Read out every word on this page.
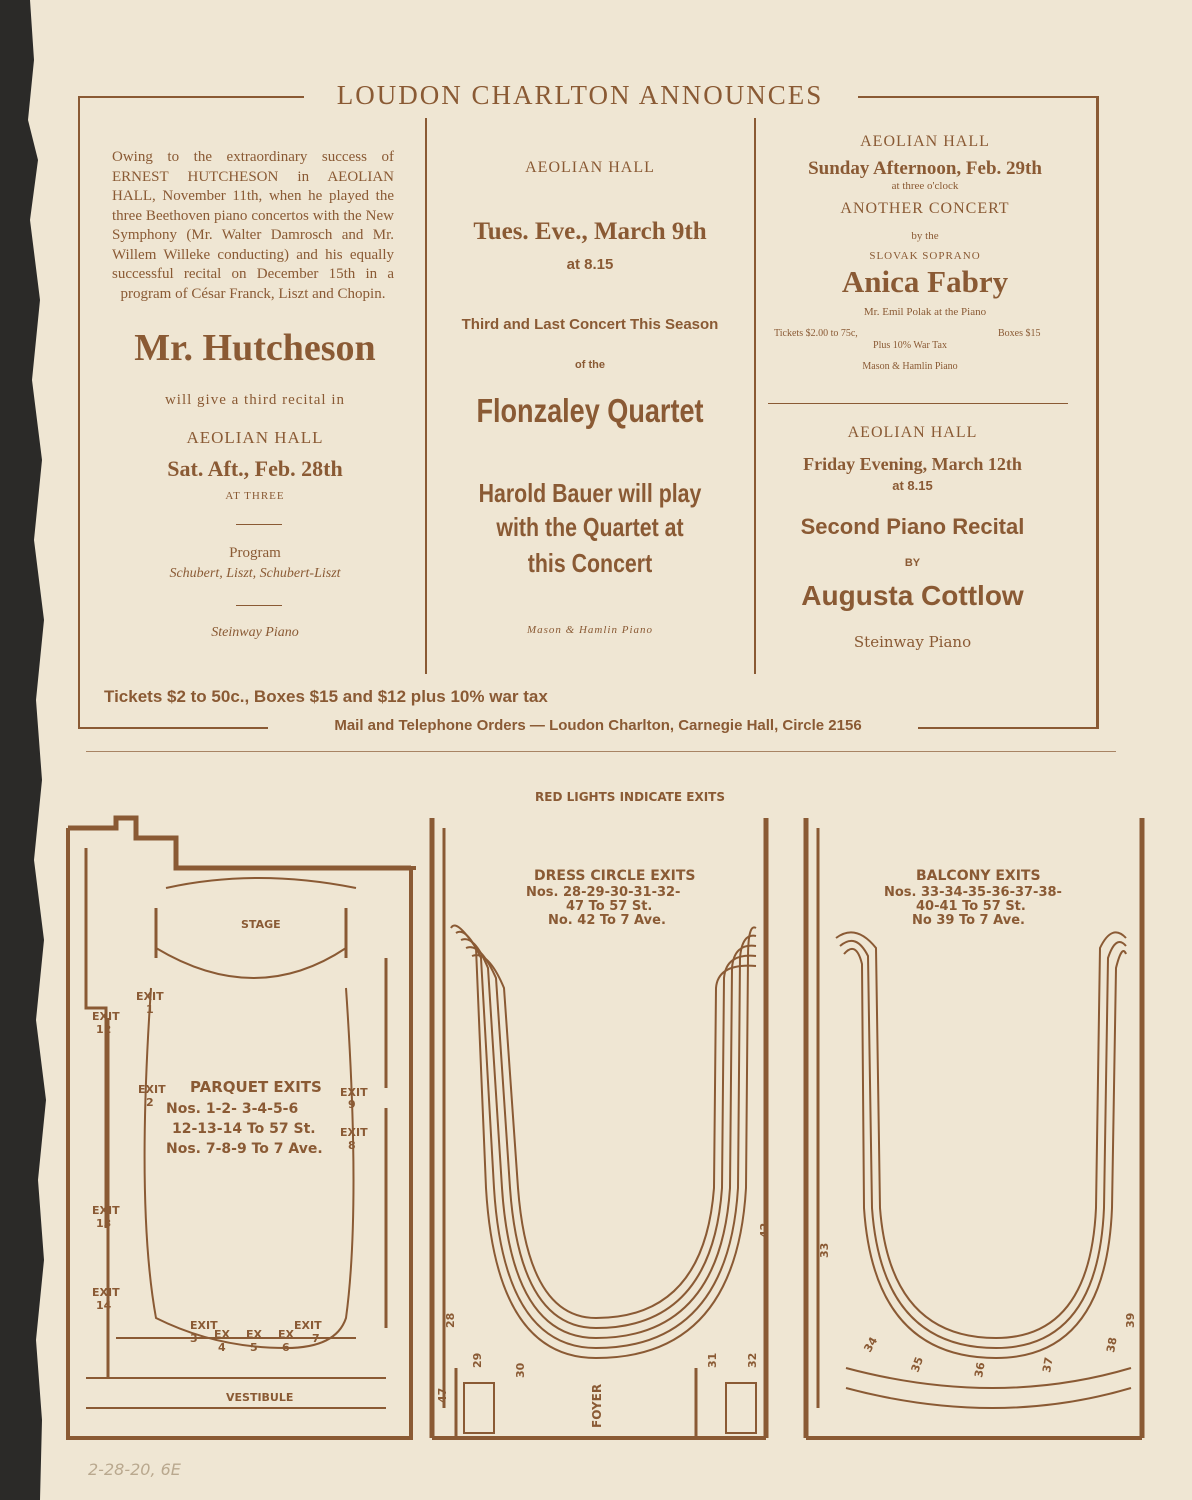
LOUDON CHARLTON ANNOUNCES
Owing to the extraordinary success of ERNEST HUTCHESON in AEOLIAN HALL, November 11th, when he played the three Beethoven piano concertos with the New Symphony (Mr. Walter Damrosch and Mr. Willem Willeke conducting) and his equally successful recital on December 15th in a program of César Franck, Liszt and Chopin.
Mr. Hutcheson
will give a third recital in
AEOLIAN HALL
Sat. Aft., Feb. 28th
AT THREE
Program
Schubert, Liszt, Schubert-Liszt
Steinway Piano
AEOLIAN HALL
Tues. Eve., March 9th
at 8.15
Third and Last Concert This Season
of the
Flonzaley Quartet
Harold Bauer will play
with the Quartet at
this Concert
Mason & Hamlin Piano
AEOLIAN HALL
Sunday Afternoon, Feb. 29th
at three o'clock
ANOTHER CONCERT
by the
SLOVAK SOPRANO
Anica Fabry
Mr. Emil Polak at the Piano
Tickets $2.00 to 75c,	Boxes $15
Plus 10% War Tax
Mason & Hamlin Piano
AEOLIAN HALL
Friday Evening, March 12th
at 8.15
Second Piano Recital
BY
Augusta Cottlow
Steinway Piano
Tickets $2 to 50c., Boxes $15 and $12 plus 10% war tax
Mail and Telephone Orders — Loudon Charlton, Carnegie Hall, Circle 2156
RED LIGHTS INDICATE EXITS
STAGE
VESTIBULE
PARQUET EXITS
Nos. 1-2- 3-4-5-6
12-13-14 To 57 St.
Nos. 7-8-9 To 7 Ave.
EXIT
1
EXIT
2
EXIT
9
EXIT
8
EXIT
12
EXIT
13
EXIT
14
EXIT
3 EX
4
EX
5
EX
6
EXIT
7
DRESS CIRCLE EXITS
Nos. 28-29-30-31-32-
47 To 57 St.
No. 42 To 7 Ave.
FOYER
28
47
29
30
31 32
42
BALCONY EXITS
Nos. 33-34-35-36-37-38-
40-41 To 57 St.
No 39 To 7 Ave.
33
34
35	36	37
38
39
2-28-20, 6E
